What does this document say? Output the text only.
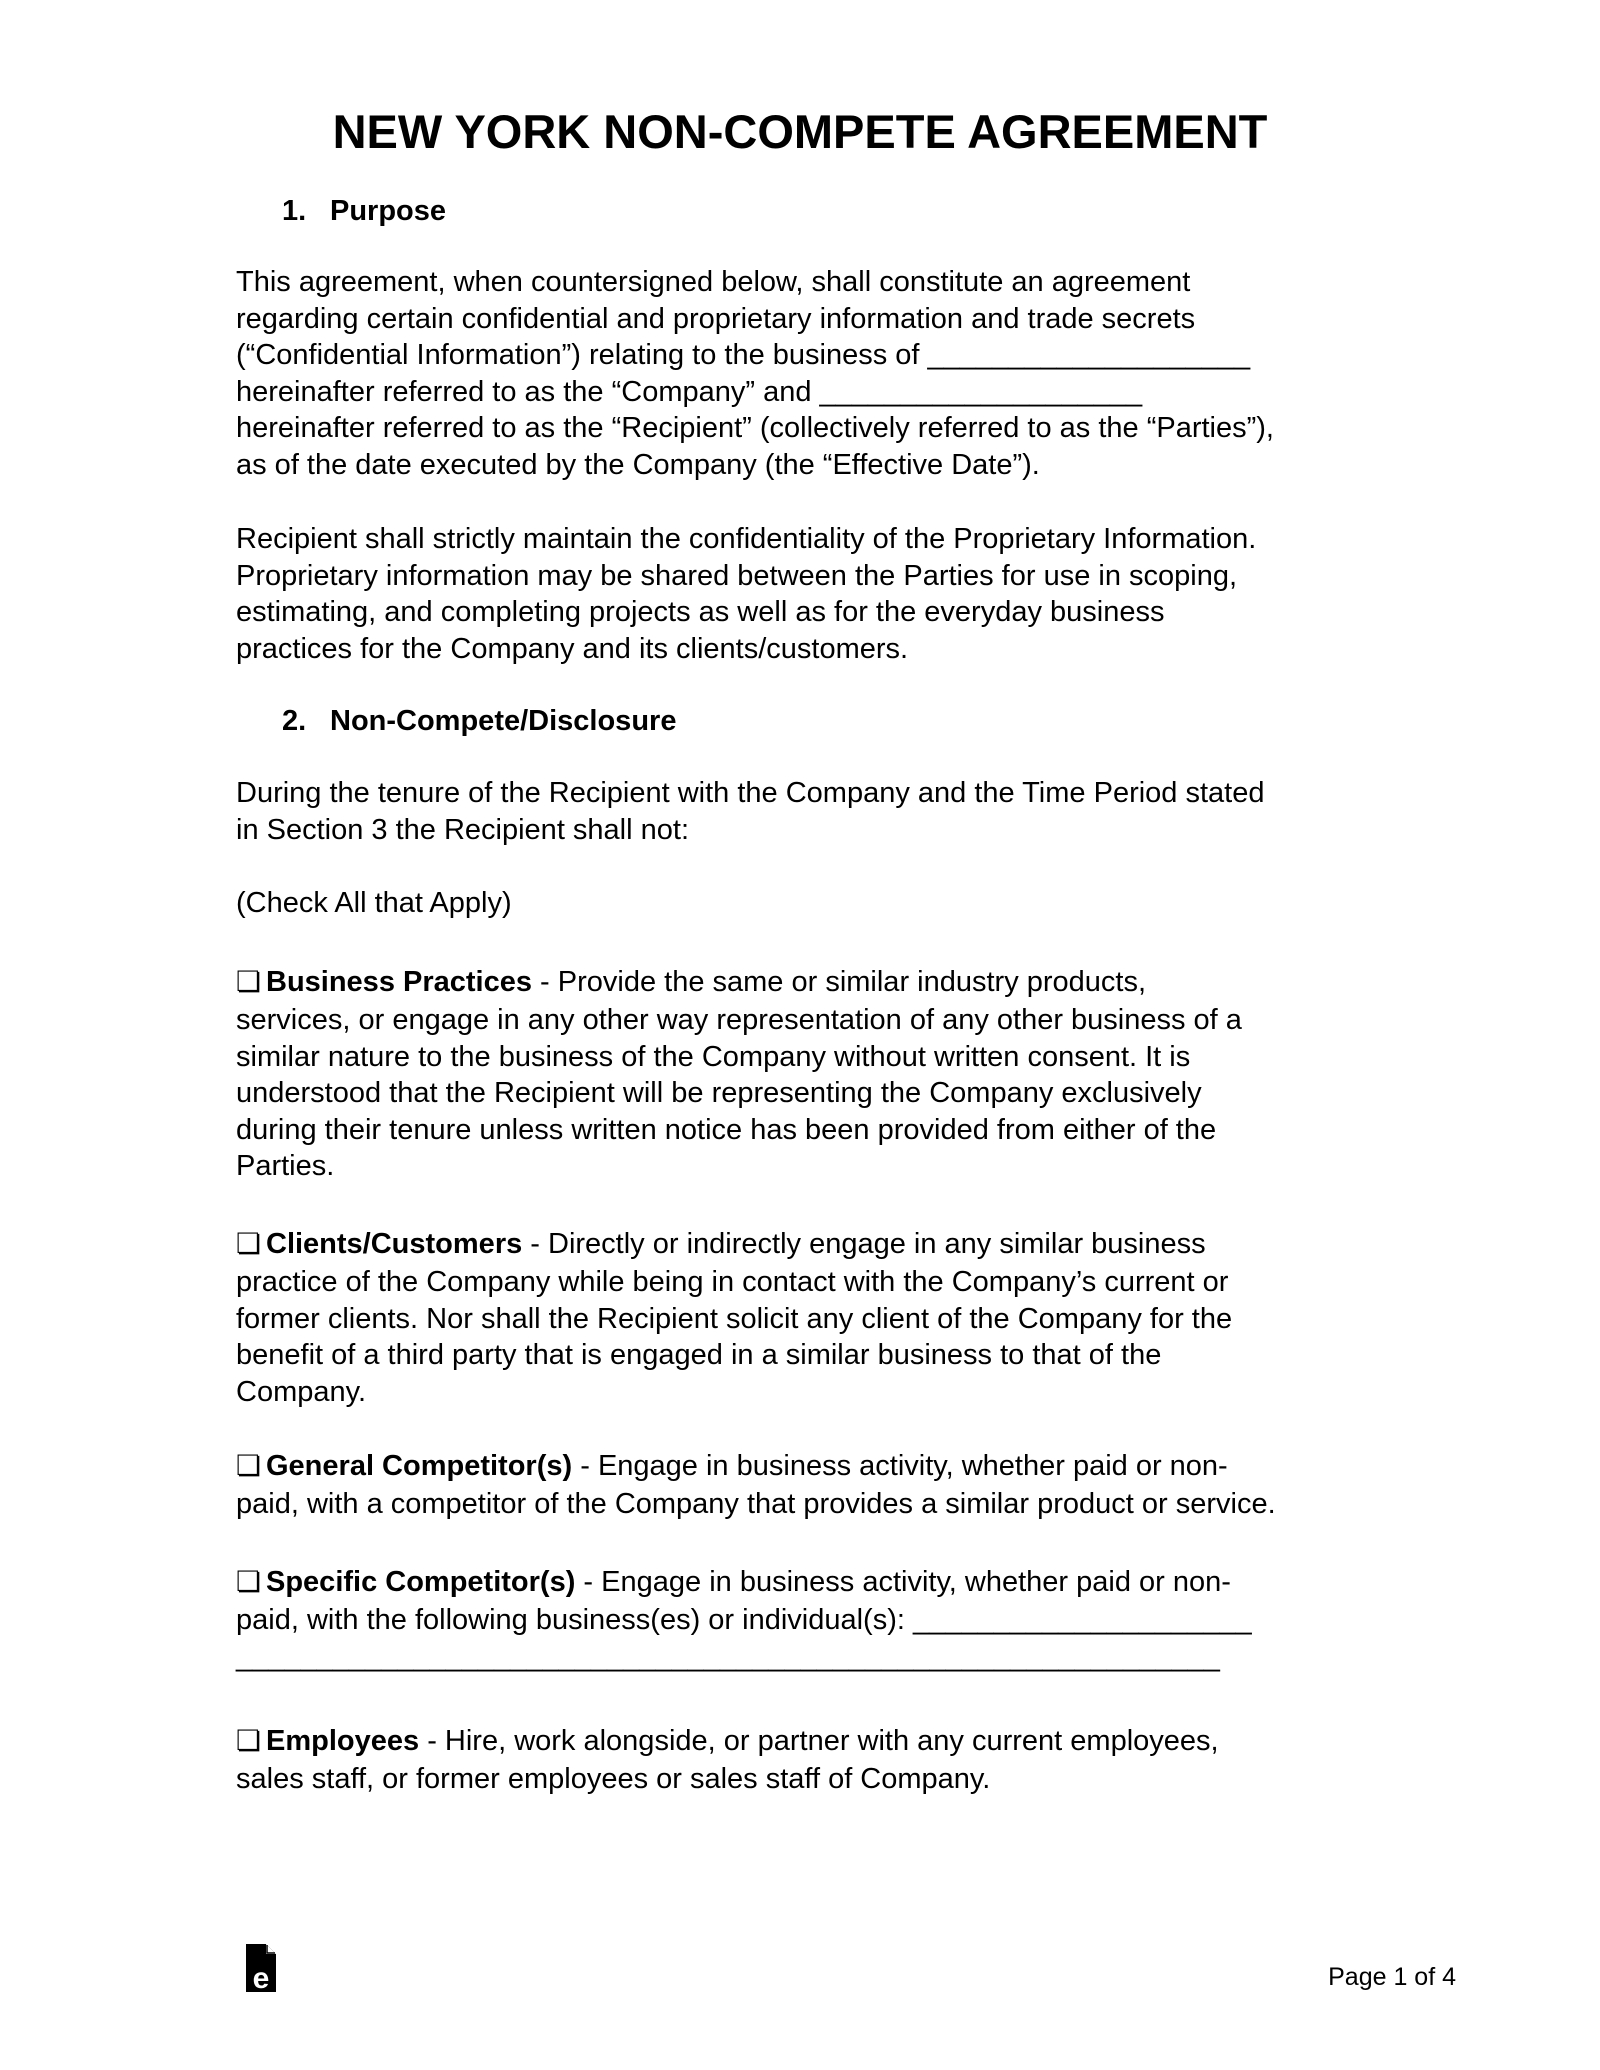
NEW YORK NON-COMPETE AGREEMENT
1. Purpose
This agreement, when countersigned below, shall constitute an agreement
regarding certain confidential and proprietary information and trade secrets
(“Confidential Information”) relating to the business of ____________________
hereinafter referred to as the “Company” and ____________________
hereinafter referred to as the “Recipient” (collectively referred to as the “Parties”),
as of the date executed by the Company (the “Effective Date”).
Recipient shall strictly maintain the confidentiality of the Proprietary Information.
Proprietary information may be shared between the Parties for use in scoping,
estimating, and completing projects as well as for the everyday business
practices for the Company and its clients/customers.
2. Non-Compete/Disclosure
During the tenure of the Recipient with the Company and the Time Period stated
in Section 3 the Recipient shall not:
(Check All that Apply)
❏ Business Practices - Provide the same or similar industry products,
services, or engage in any other way representation of any other business of a
similar nature to the business of the Company without written consent. It is
understood that the Recipient will be representing the Company exclusively
during their tenure unless written notice has been provided from either of the
Parties.
❏ Clients/Customers - Directly or indirectly engage in any similar business
practice of the Company while being in contact with the Company’s current or
former clients. Nor shall the Recipient solicit any client of the Company for the
benefit of a third party that is engaged in a similar business to that of the
Company.
❏ General Competitor(s) - Engage in business activity, whether paid or non-
paid, with a competitor of the Company that provides a similar product or service.
❏ Specific Competitor(s) - Engage in business activity, whether paid or non-
paid, with the following business(es) or individual(s): _____________________
_____________________________________________________________
❏ Employees - Hire, work alongside, or partner with any current employees,
sales staff, or former employees or sales staff of Company.
e	Page 1 of 4
